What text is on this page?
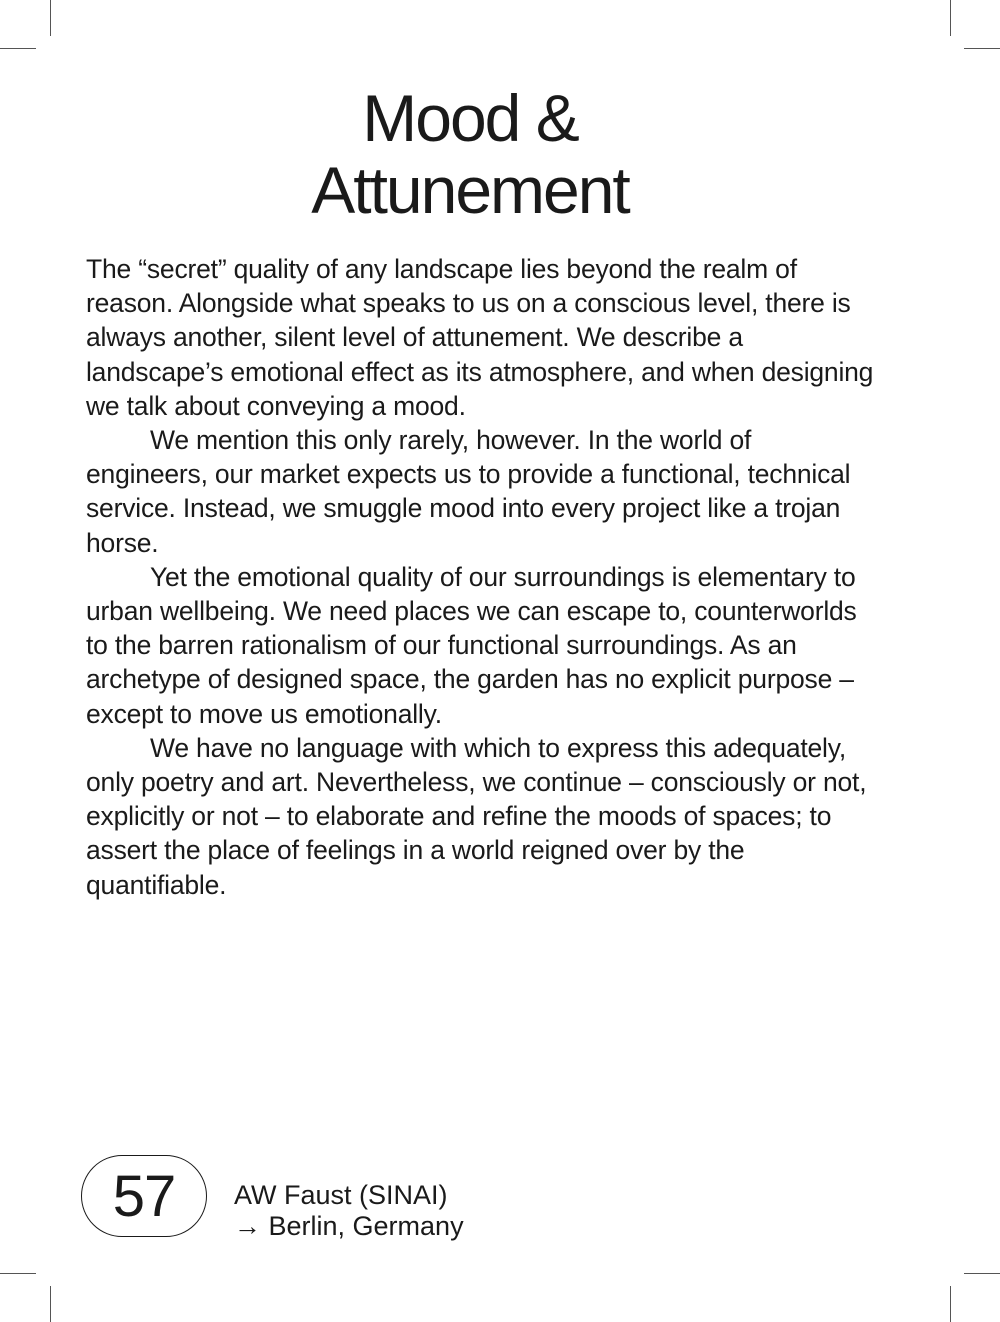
Mood &
Attunement

The “secret” quality of any landscape lies beyond the realm of reason. Alongside what speaks to us on a conscious level, there is always another, silent level of attunement. We describe a landscape’s emotional effect as its atmosphere, and when designing we talk about conveying a mood.

We mention this only rarely, however. In the world of engineers, our market expects us to provide a functional, technical service. Instead, we smuggle mood into every project like a trojan horse.

Yet the emotional quality of our surroundings is elementary to urban wellbeing. We need places we can escape to, counterworlds to the barren rationalism of our functional surroundings. As an archetype of designed space, the garden has no explicit purpose – except to move us emotionally.

We have no language with which to express this adequately, only poetry and art. Nevertheless, we continue – consciously or not, explicitly or not – to elaborate and refine the moods of spaces; to assert the place of feelings in a world reigned over by the quantifiable.

57 AW Faust (SINAI)
→ Berlin, Germany
